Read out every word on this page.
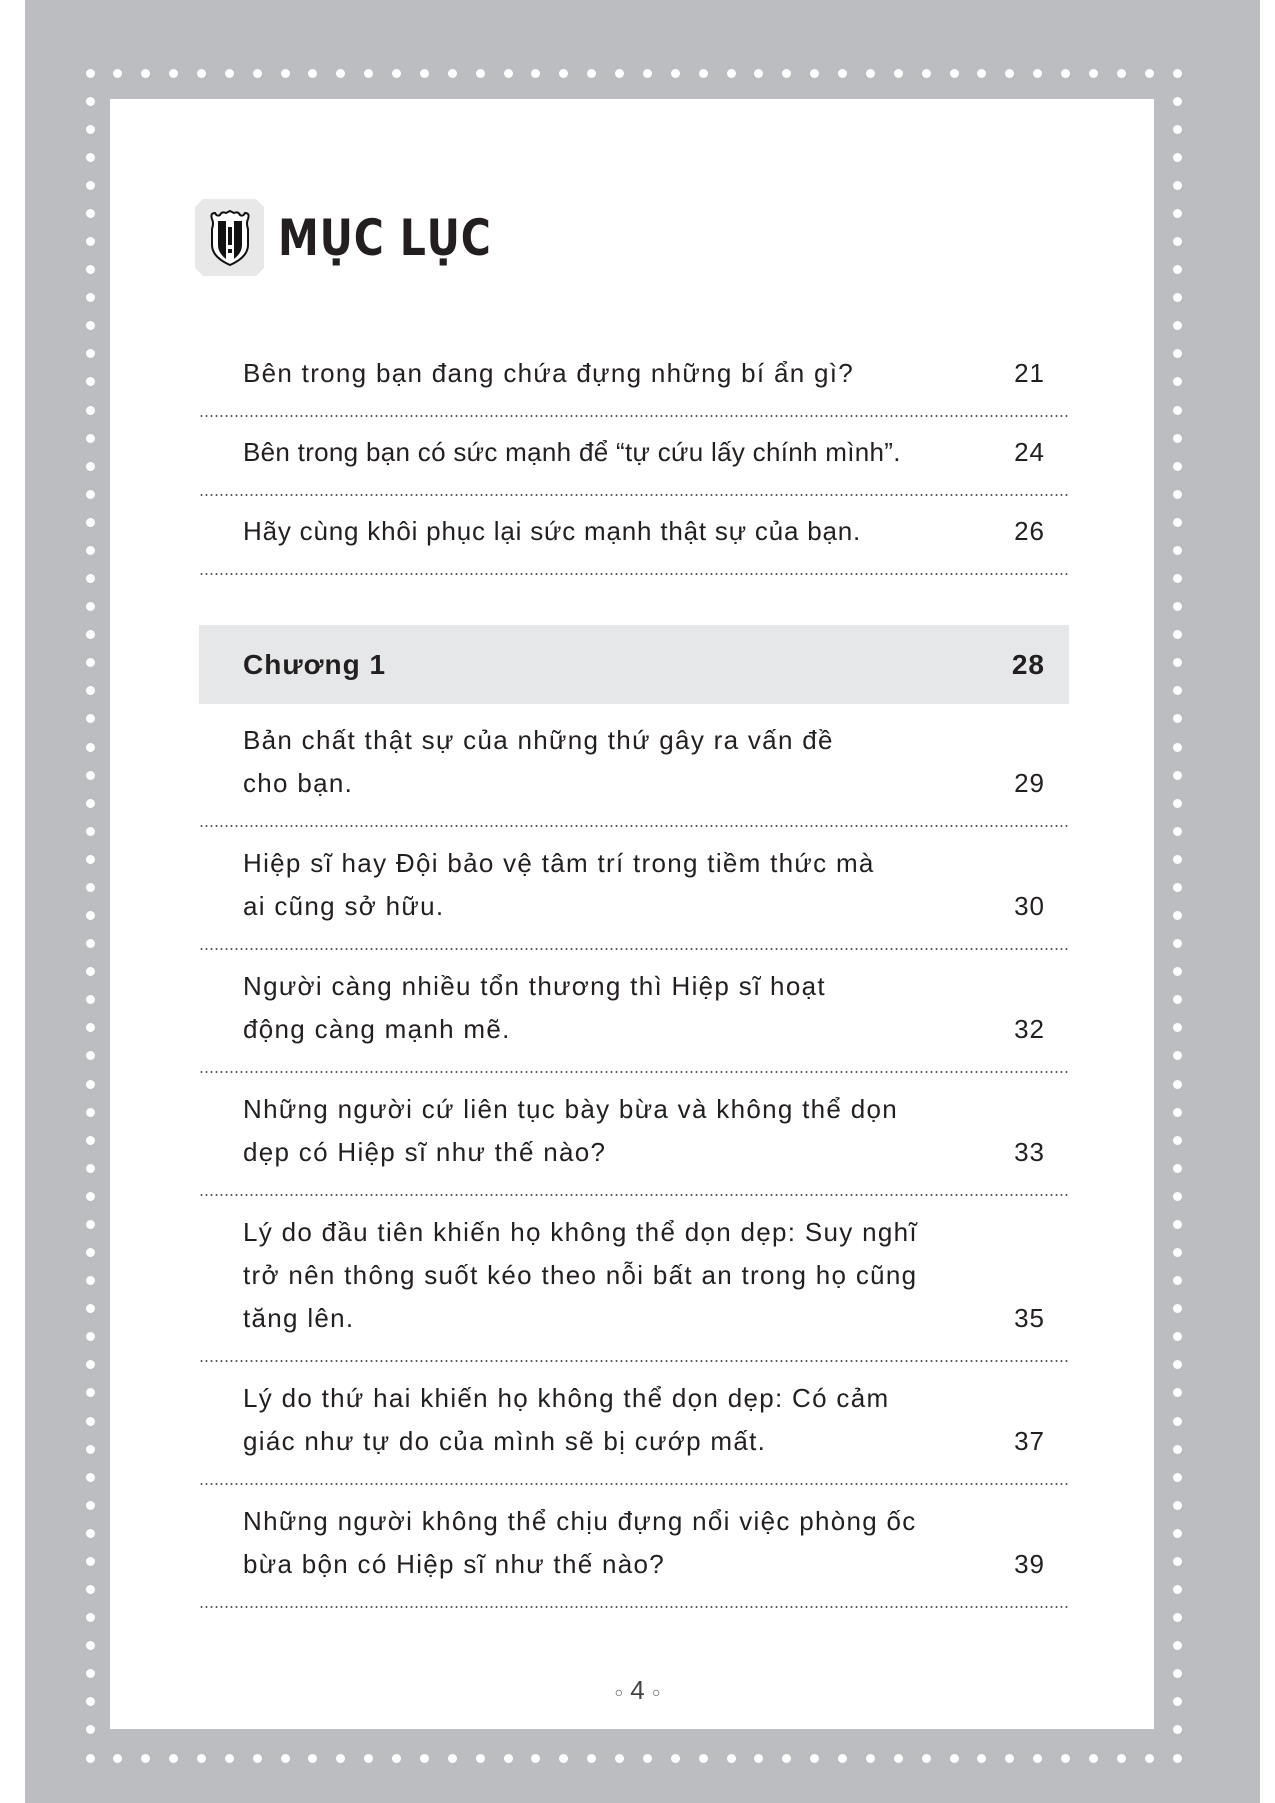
MỤC LỤC
Bên trong bạn đang chứa đựng những bí ẩn gì?	21
Bên trong bạn có sức mạnh để “tự cứu lấy chính mình”.	24
Hãy cùng khôi phục lại sức mạnh thật sự của bạn.	26
Chương 1	28
Bản chất thật sự của những thứ gây ra vấn đề cho bạn.	29
Hiệp sĩ hay Đội bảo vệ tâm trí trong tiềm thức mà ai cũng sở hữu.	30
Người càng nhiều tổn thương thì Hiệp sĩ hoạt động càng mạnh mẽ.	32
Những người cứ liên tục bày bừa và không thể dọn dẹp có Hiệp sĩ như thế nào?	33
Lý do đầu tiên khiến họ không thể dọn dẹp: Suy nghĩ trở nên thông suốt kéo theo nỗi bất an trong họ cũng tăng lên.	35
Lý do thứ hai khiến họ không thể dọn dẹp: Có cảm giác như tự do của mình sẽ bị cướp mất.	37
Những người không thể chịu đựng nổi việc phòng ốc bừa bộn có Hiệp sĩ như thế nào?	39
○ 4 ○
